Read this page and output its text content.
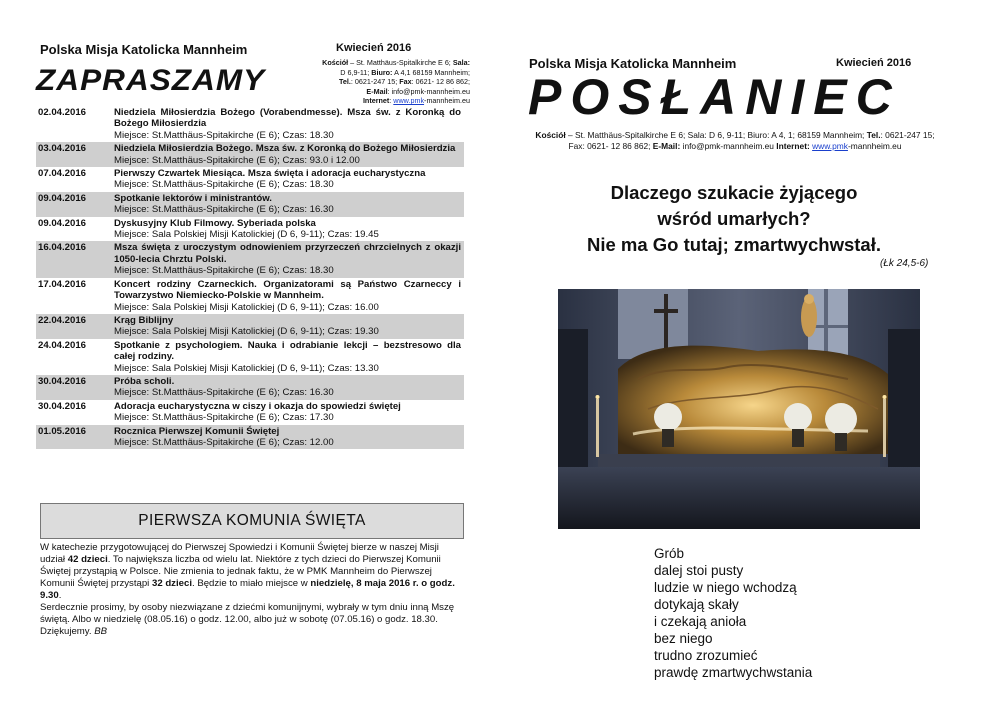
Polska Misja Katolicka Mannheim	Kwiecień 2016
ZAPRASZAMY
Kościół – St. Matthäus-Spitalkirche E 6; Sala:
D 6,9-11; Biuro: A 4,1 68159 Mannheim;
Tel.: 0621-247 15; Fax: 0621- 12 86 862;
E-Mail: info@pmk-mannheim.eu
Internet: www.pmk-mannheim.eu
02.04.2016	Niedziela Miłosierdzia Bożego (Vorabendmesse). Msza św. z Koronką do Bożego Miłosierdzia
Miejsce: St.Matthäus-Spitakirche (E 6); Czas: 18.30
03.04.2016	Niedziela Miłosierdzia Bożego. Msza św. z Koronką do Bożego Miłosierdzia
Miejsce: St.Matthäus-Spitakirche (E 6); Czas: 93.0 i 12.00
07.04.2016	Pierwszy Czwartek Miesiąca. Msza święta i adoracja eucharystyczna
Miejsce: St.Matthäus-Spitakirche (E 6); Czas: 18.30
09.04.2016	Spotkanie lektorów i ministrantów.
Miejsce: St.Matthäus-Spitakirche (E 6); Czas: 16.30
09.04.2016	Dyskusyjny Klub Filmowy. Syberiada polska
Miejsce: Sala Polskiej Misji Katolickiej (D 6, 9-11); Czas: 19.45
16.04.2016	Msza święta z uroczystym odnowieniem przyrzeczeń chrzcielnych z okazji 1050-lecia Chrztu Polski.
Miejsce: St.Matthäus-Spitakirche (E 6); Czas: 18.30
17.04.2016	Koncert rodziny Czarneckich. Organizatorami są Państwo Czarneccy i Towarzystwo Niemiecko-Polskie w Mannheim.
Miejsce: Sala Polskiej Misji Katolickiej (D 6, 9-11); Czas: 16.00
22.04.2016	Krąg Biblijny
Miejsce: Sala Polskiej Misji Katolickiej (D 6, 9-11); Czas: 19.30
24.04.2016	Spotkanie z psychologiem. Nauka i odrabianie lekcji – bezstresowo dla całej rodziny.
Miejsce: Sala Polskiej Misji Katolickiej (D 6, 9-11); Czas: 13.30
30.04.2016	Próba scholi.
Miejsce: St.Matthäus-Spitakirche (E 6); Czas: 16.30
30.04.2016	Adoracja eucharystyczna w ciszy i okazja do spowiedzi świętej
Miejsce: St.Matthäus-Spitakirche (E 6); Czas: 17.30
01.05.2016	Rocznica Pierwszej Komunii Świętej
Miejsce: St.Matthäus-Spitakirche (E 6); Czas: 12.00
PIERWSZA KOMUNIA ŚWIĘTA

W katechezie przygotowującej do Pierwszej Spowiedzi i Komunii Świętej bierze w naszej Misji udział 42 dzieci. To największa liczba od wielu lat. Niektóre z tych dzieci do Pierwszej Komunii Świętej przystąpią w Polsce. Nie zmienia to jednak faktu, że w PMK Mannheim do Pierwszej Komunii Świętej przystąpi 32 dzieci. Będzie to miało miejsce w niedzielę, 8 maja 2016 r. o godz. 9.30.

Serdecznie prosimy, by osoby niezwiązane z dziećmi komunijnymi, wybrały w tym dniu inną Mszę świętą. Albo w niedzielę (08.05.16) o godz. 12.00, albo już w sobotę (07.05.16) o godz. 18.30. Dziękujemy. BB

Polska Misja Katolicka Mannheim	Kwiecień 2016
POSŁANIEC
Kościół – St. Matthäus-Spitalkirche E 6; Sala: D 6, 9-11; Biuro: A 4, 1; 68159 Mannheim; Tel.: 0621-247 15;
Fax: 0621- 12 86 862; E-Mail: info@pmk-mannheim.eu Internet: www.pmk-mannheim.eu
Dlaczego szukacie żyjącego
wśród umarłych?
Nie ma Go tutaj; zmartwychwstał.
(Łk 24,5-6)
Grób
dalej stoi pusty
ludzie w niego wchodzą
dotykają skały
i czekają anioła
bez niego
trudno zrozumieć
prawdę zmartwychwstania
